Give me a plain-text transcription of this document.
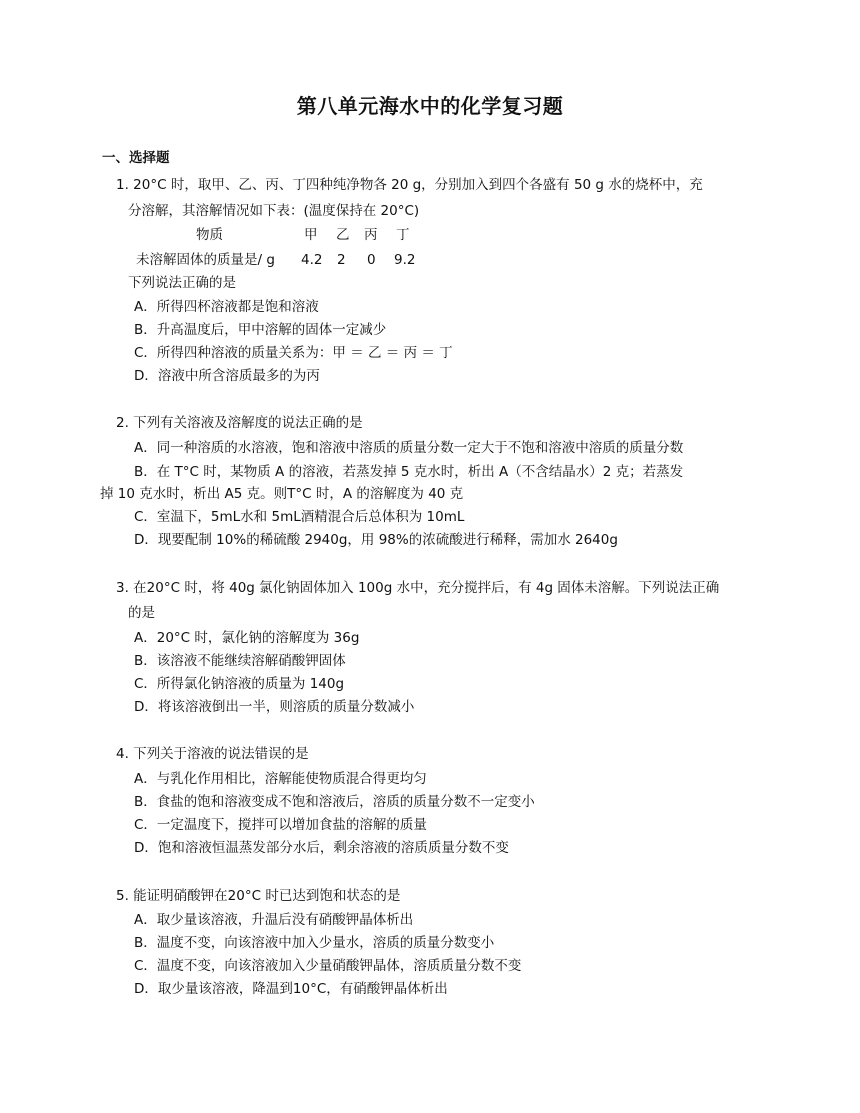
第八单元海水中的化学复习题
一、选择题
1. 20°C 时，取甲、乙、丙、丁四种纯净物各 20 g，分别加入到四个各盛有 50 g 水的烧杯中，充
分溶解，其溶解情况如下表：(温度保持在 20°C)
物质	甲 乙 丙 丁
未溶解固体的质量是/ g 4.2 2 0 9.2
下列说法正确的是
A．所得四杯溶液都是饱和溶液
B．升高温度后，甲中溶解的固体一定减少
C．所得四种溶液的质量关系为：甲 ＝ 乙 ＝ 丙 ＝ 丁
D．溶液中所含溶质最多的为丙
2. 下列有关溶液及溶解度的说法正确的是
A．同一种溶质的水溶液，饱和溶液中溶质的质量分数一定大于不饱和溶液中溶质的质量分数
B．在 T°C 时，某物质 A 的溶液，若蒸发掉 5 克水时，析出 A（不含结晶水）2 克；若蒸发
掉 10 克水时，析出 A5 克。则T°C 时，A 的溶解度为 40 克
C．室温下，5mL水和 5mL酒精混合后总体积为 10mL
D．现要配制 10%的稀硫酸 2940g，用 98%的浓硫酸进行稀释，需加水 2640g
3. 在20°C 时，将 40g 氯化钠固体加入 100g 水中，充分搅拌后，有 4g 固体未溶解。下列说法正确
的是
A．20°C 时，氯化钠的溶解度为 36g
B．该溶液不能继续溶解硝酸钾固体
C．所得氯化钠溶液的质量为 140g
D．将该溶液倒出一半，则溶质的质量分数减小
4. 下列关于溶液的说法错误的是
A．与乳化作用相比，溶解能使物质混合得更均匀
B．食盐的饱和溶液变成不饱和溶液后，溶质的质量分数不一定变小
C．一定温度下，搅拌可以增加食盐的溶解的质量
D．饱和溶液恒温蒸发部分水后，剩余溶液的溶质质量分数不变
5. 能证明硝酸钾在20°C 时已达到饱和状态的是
A．取少量该溶液，升温后没有硝酸钾晶体析出
B．温度不变，向该溶液中加入少量水，溶质的质量分数变小
C．温度不变，向该溶液加入少量硝酸钾晶体，溶质质量分数不变
D．取少量该溶液，降温到10°C，有硝酸钾晶体析出
